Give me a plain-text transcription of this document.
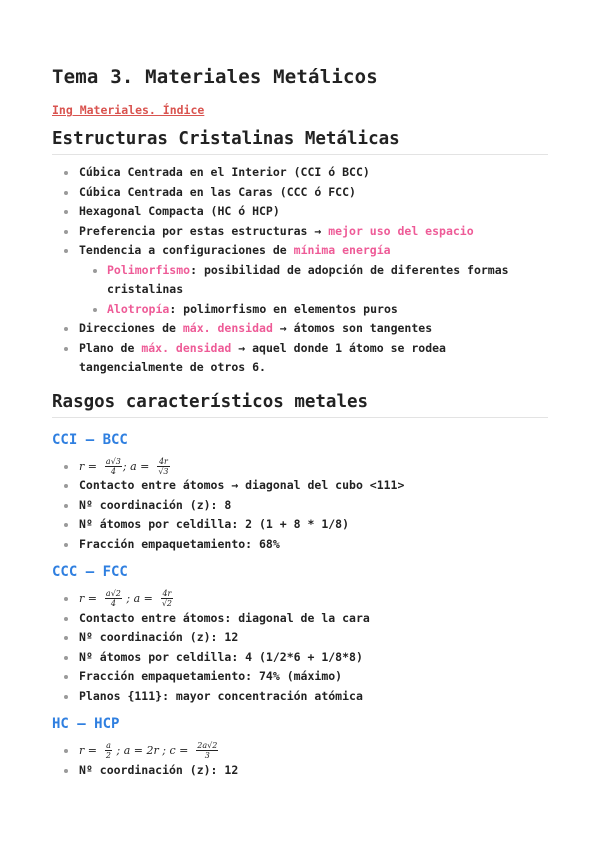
Tema 3. Materiales Metálicos
Ing Materiales. Índice
Estructuras Cristalinas Metálicas
Cúbica Centrada en el Interior (CCI ó BCC)
Cúbica Centrada en las Caras (CCC ó FCC)
Hexagonal Compacta (HC ó HCP)
Preferencia por estas estructuras → mejor uso del espacio
Tendencia a configuraciones de mínima energía
Polimorfismo: posibilidad de adopción de diferentes formas cristalinas
Alotropía: polimorfismo en elementos puros
Direcciones de máx. densidad → átomos son tangentes
Plano de máx. densidad → aquel donde 1 átomo se rodea tangencialmente de otros 6.
Rasgos característicos metales
CCI – BCC
$r = \frac{a√3}{4}$ ; $a = \frac{4r}{√3}$
Contacto entre átomos → diagonal del cubo <111>
Nº coordinación (z): 8
Nº átomos por celdilla: 2 (1 + 8 * 1/8)
Fracción empaquetamiento: 68%
CCC – FCC
$r = \frac{a√2}{4}$ ; $a = \frac{4r}{√2}$
Contacto entre átomos: diagonal de la cara
Nº coordinación (z): 12
Nº átomos por celdilla: 4 (1/2*6 + 1/8*8)
Fracción empaquetamiento: 74% (máximo)
Planos {111}: mayor concentración atómica
HC – HCP
$r = \frac{a}{2}$ ; a = 2r ; $c = \frac{2a√2}{3}$
Nº coordinación (z): 12
